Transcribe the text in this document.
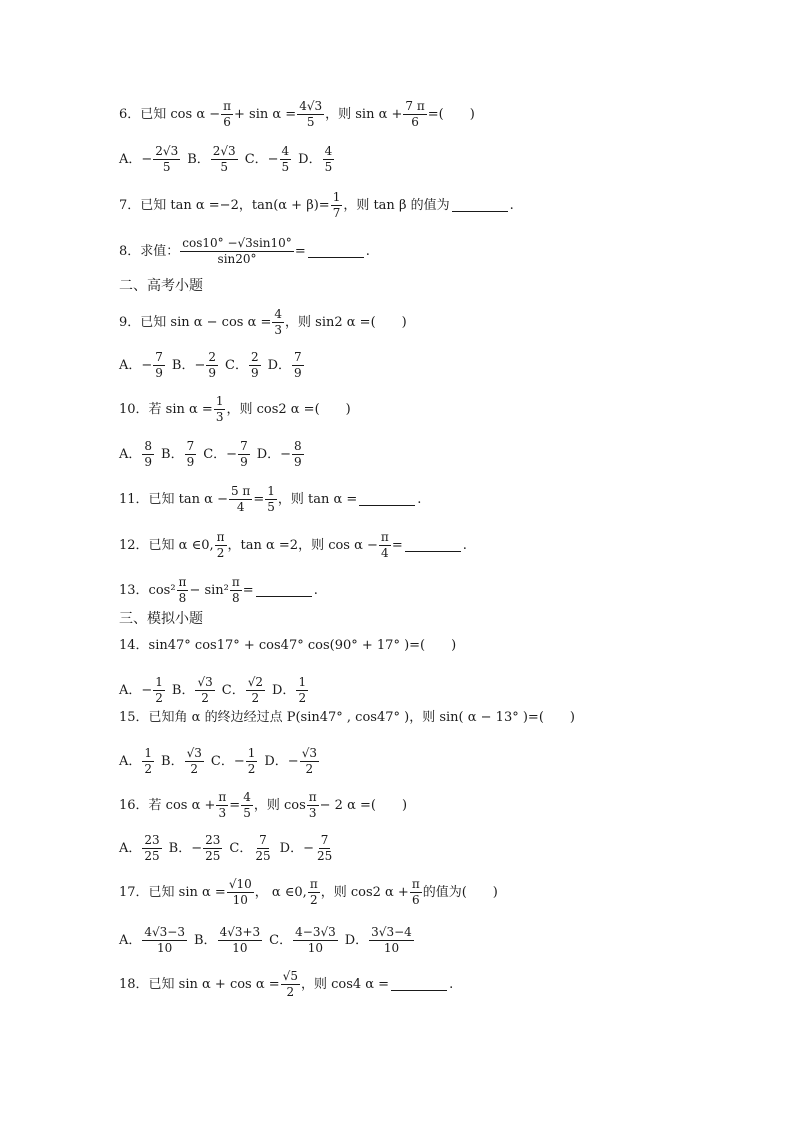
6．已知 $\cos \alpha - \frac{\pi}{6} + \sin \alpha = \frac{4√3}{5}$ ，则 $\sin \alpha + \frac{7 \pi}{6}$ =(　　)
A．− $\frac{2√3}{5}$ B． $\frac{2√3}{5}$ C．− $\frac{4}{5}$ D． $\frac{4}{5}$
7．已知 tan α =−2，$\tan(\alpha + \beta)= \frac{1}{7}$ ，则 tan β 的值为	.
8．求值： $\frac{\cos 10^\circ -√3\sin 10^\circ}{\sin 20^\circ}$ =	.
二、高考小题
9．已知 $\sin \alpha - \cos \alpha = \frac{4}{3}$ ，则 sin2 α =(　　)
A．− $\frac{7}{9}$ B．− $\frac{2}{9}$ C． $\frac{2}{9}$ D． $\frac{7}{9}$
10．若 $\sin \alpha = \frac{1}{3}$ ，则 cos2 α =(　　)
A． $\frac{8}{9}$ B． $\frac{7}{9}$ C．− $\frac{7}{9}$ D．− $\frac{8}{9}$
11．已知 $\tan \alpha - \frac{5 \pi}{4} = \frac{1}{5}$ ，则 tan α =	.
12．已知 α ∈0, $\frac{\pi}{2}$ ，tan α =2，则 $\cos \alpha - \frac{\pi}{4}$ =	.
13．$\cos^2 \frac{\pi}{8} - \sin^2 \frac{\pi}{8}$ =	.
三、模拟小题
14．sin47° cos17° + cos47° cos(90° + 17° )=(　　)
A．− $\frac{1}{2}$ B． $\frac{√3}{2}$ C． $\frac{√2}{2}$ D． $\frac{1}{2}$
15．已知角 α 的终边经过点 P(sin47° , cos47° )，则 sin( α − 13° )=(　　)
A． $\frac{1}{2}$ B． $\frac{√3}{2}$ C．− $\frac{1}{2}$ D．− $\frac{√3}{2}$
16．若 $\cos \alpha + \frac{\pi}{3} = \frac{4}{5}$ ，则 $\cos \frac{\pi}{3} - 2$ α =(　　)
A． $\frac{23}{25}$ B．− $\frac{23}{25}$ C． $\frac{7}{25}$ D．− $\frac{7}{25}$
17．已知 $\sin \alpha = \frac{√10}{10}$ ， α ∈0, $\frac{\pi}{2}$ ，则 cos2 $\alpha + \frac{\pi}{6}$ 的值为(　　)
A． $\frac{4√3-3}{10}$ B． $\frac{4√3+3}{10}$ C． $\frac{4-3√3}{10}$ D． $\frac{3√3-4}{10}$
18．已知 $\sin \alpha + \cos \alpha = \frac{√5}{2}$ ，则 cos4 α =	.
